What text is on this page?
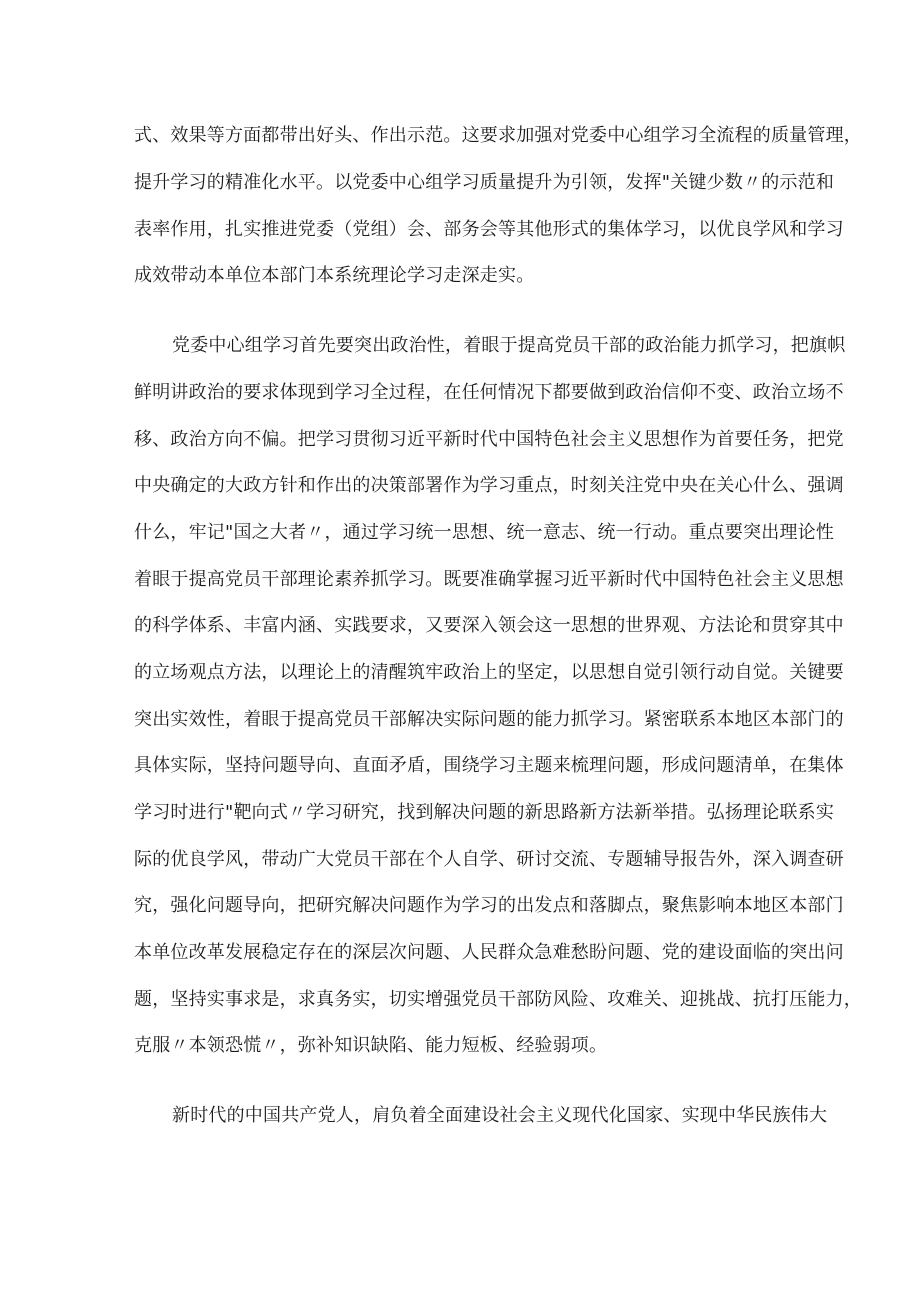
式、效果等方面都带出好头、作出示范。这要求加强对党委中心组学习全流程的质量管理，
提升学习的精准化水平。以党委中心组学习质量提升为引领，发挥"关键少数〃的示范和
表率作用，扎实推进党委（党组）会、部务会等其他形式的集体学习，以优良学风和学习
成效带动本单位本部门本系统理论学习走深走实。
党委中心组学习首先要突出政治性，着眼于提高党员干部的政治能力抓学习，把旗帜
鲜明讲政治的要求体现到学习全过程，在任何情况下都要做到政治信仰不变、政治立场不
移、政治方向不偏。把学习贯彻习近平新时代中国特色社会主义思想作为首要任务，把党
中央确定的大政方针和作出的决策部署作为学习重点，时刻关注党中央在关心什么、强调
什么，牢记"国之大者〃，通过学习统一思想、统一意志、统一行动。重点要突出理论性
着眼于提高党员干部理论素养抓学习。既要准确掌握习近平新时代中国特色社会主义思想
的科学体系、丰富内涵、实践要求，又要深入领会这一思想的世界观、方法论和贯穿其中
的立场观点方法，以理论上的清醒筑牢政治上的坚定，以思想自觉引领行动自觉。关键要
突出实效性，着眼于提高党员干部解决实际问题的能力抓学习。紧密联系本地区本部门的
具体实际，坚持问题导向、直面矛盾，围绕学习主题来梳理问题，形成问题清单，在集体
学习时进行"靶向式〃学习研究，找到解决问题的新思路新方法新举措。弘扬理论联系实
际的优良学风，带动广大党员干部在个人自学、研讨交流、专题辅导报告外，深入调查研
究，强化问题导向，把研究解决问题作为学习的出发点和落脚点，聚焦影响本地区本部门
本单位改革发展稳定存在的深层次问题、人民群众急难愁盼问题、党的建设面临的突出问
题，坚持实事求是，求真务实，切实增强党员干部防风险、攻难关、迎挑战、抗打压能力，
克服〃本领恐慌〃，弥补知识缺陷、能力短板、经验弱项。
新时代的中国共产党人，肩负着全面建设社会主义现代化国家、实现中华民族伟大
